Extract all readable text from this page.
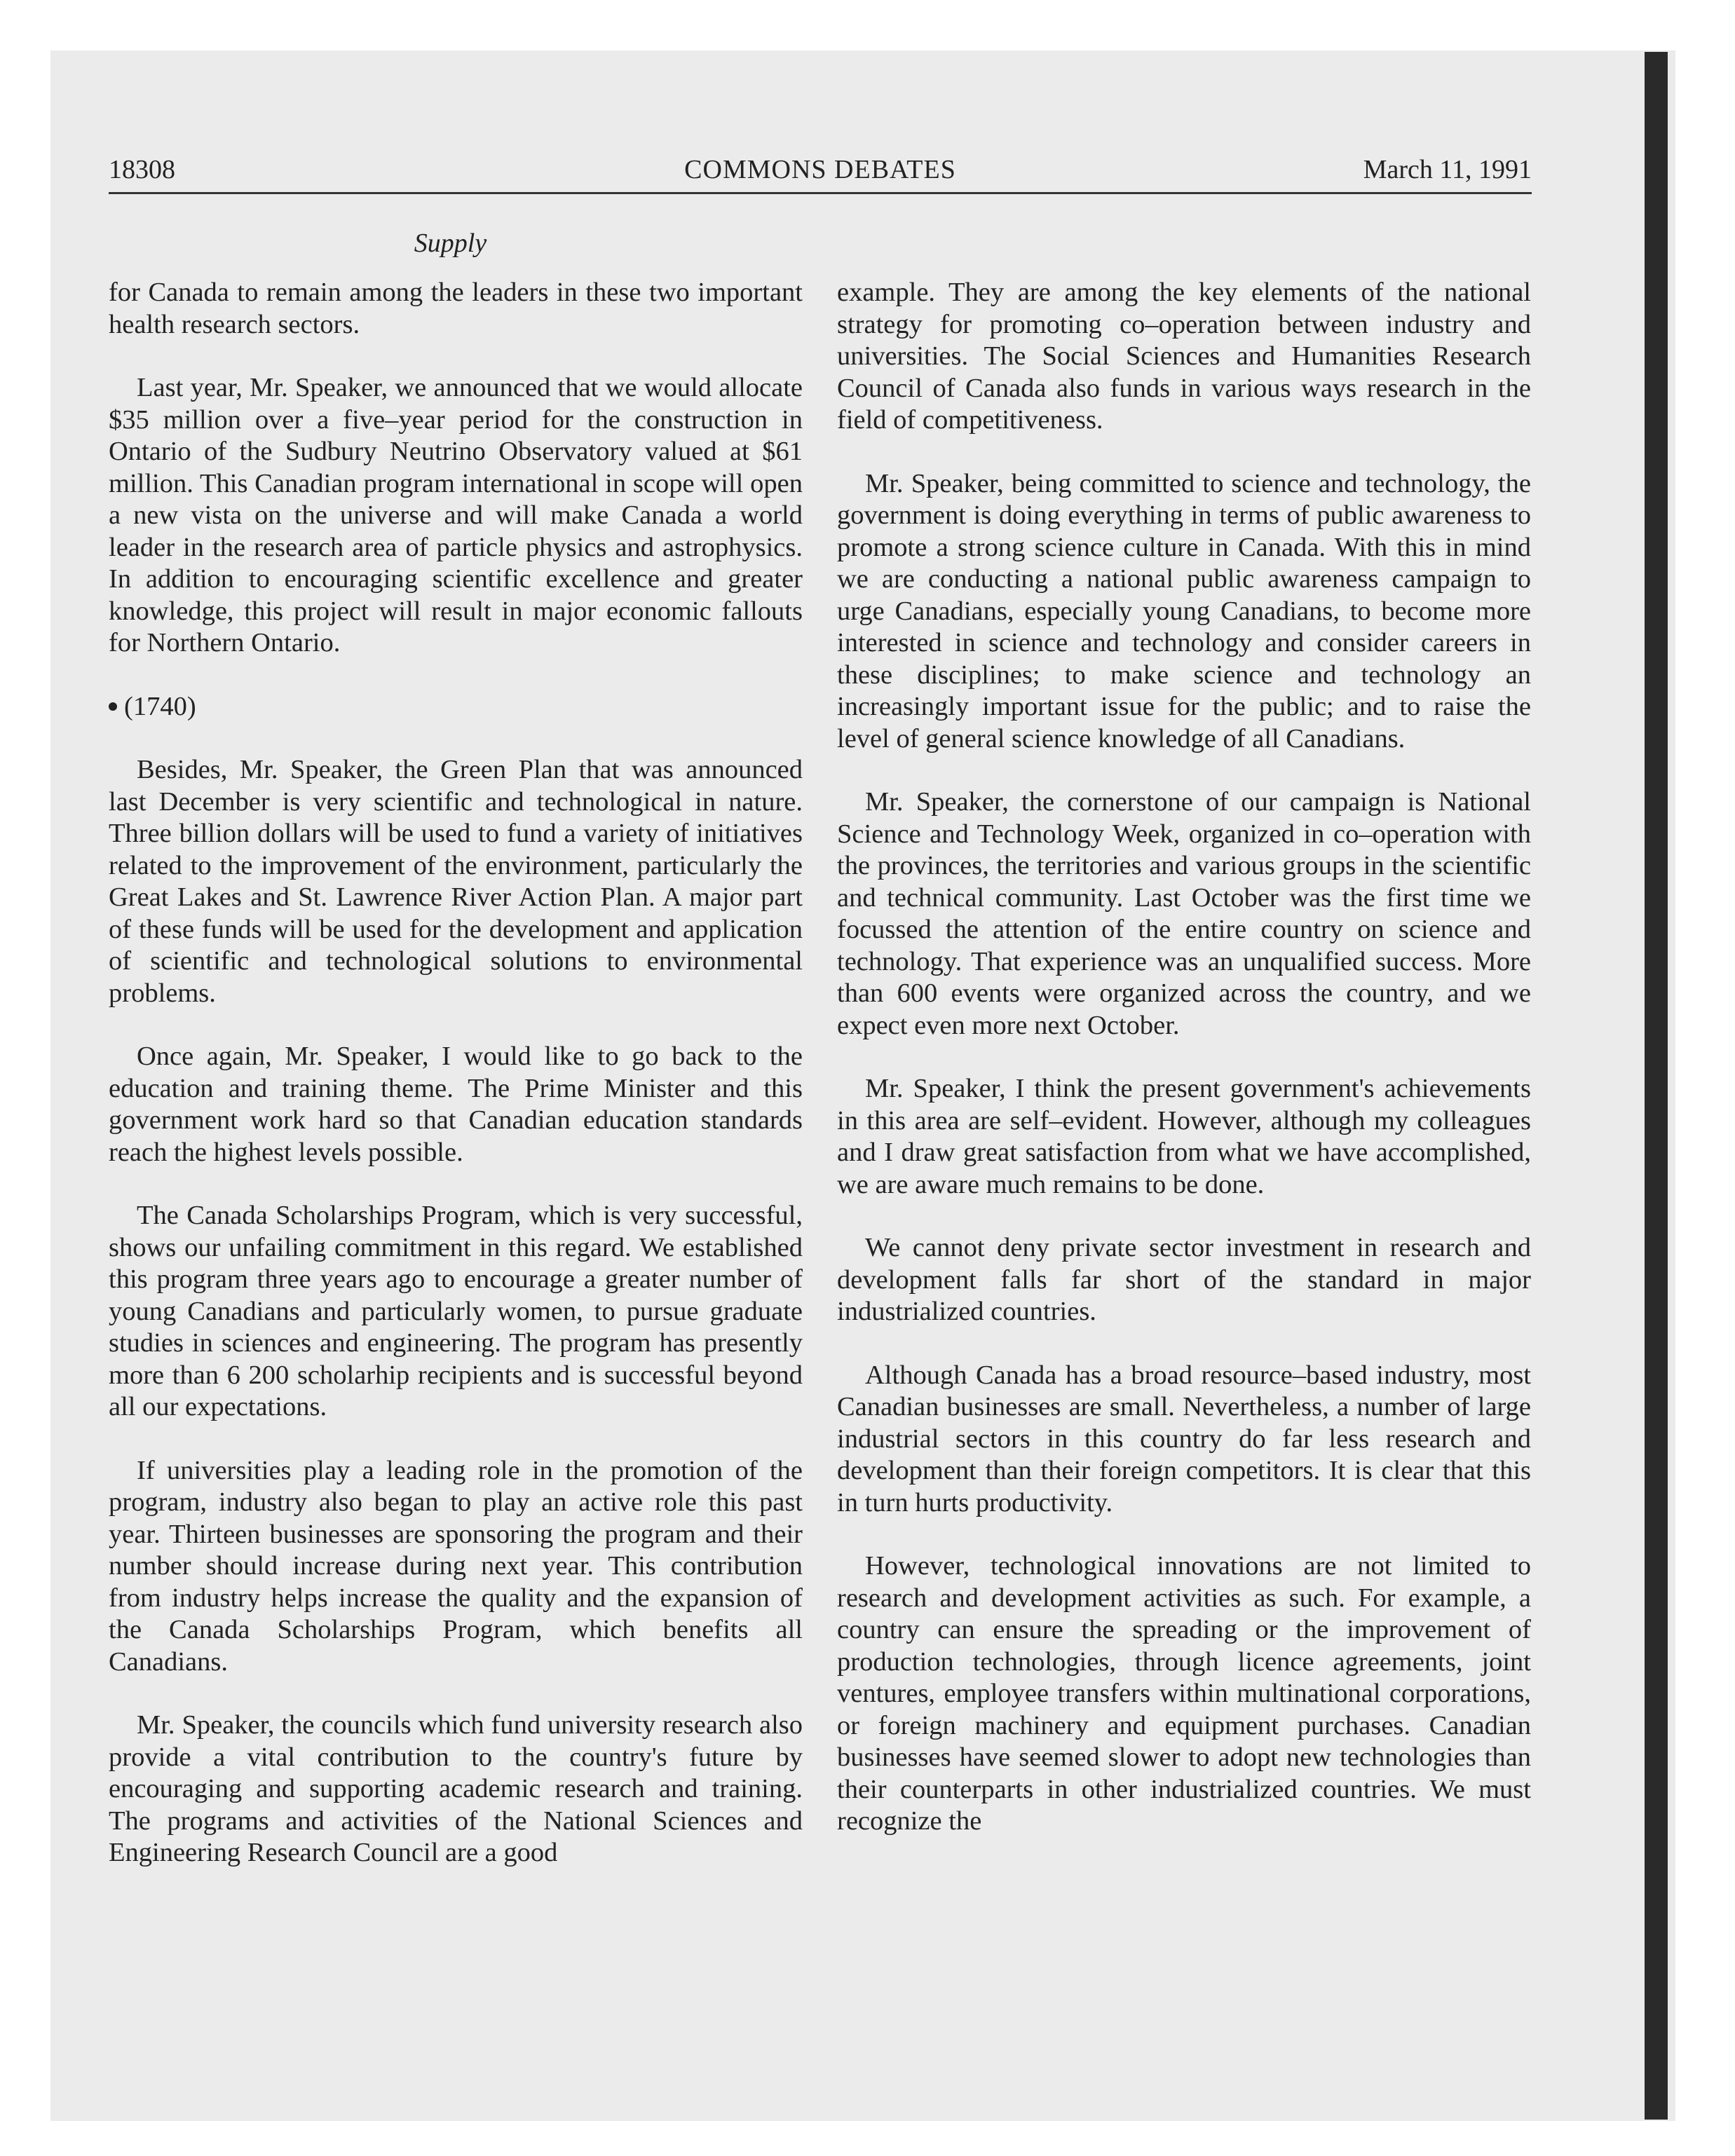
18308	COMMONS DEBATES	March 11, 1991
Supply

for Canada to remain among the leaders in these two important health research sectors.

Last year, Mr. Speaker, we announced that we would allocate $35 million over a five–year period for the construction in Ontario of the Sudbury Neutrino Observatory valued at $61 million. This Canadian program international in scope will open a new vista on the universe and will make Canada a world leader in the research area of particle physics and astrophysics. In addition to encouraging scientific excellence and greater knowledge, this project will result in major economic fallouts for Northern Ontario.

(1740)

Besides, Mr. Speaker, the Green Plan that was announced last December is very scientific and technological in nature. Three billion dollars will be used to fund a variety of initiatives related to the improvement of the environment, particularly the Great Lakes and St. Lawrence River Action Plan. A major part of these funds will be used for the development and application of scientific and technological solutions to environmental problems.

Once again, Mr. Speaker, I would like to go back to the education and training theme. The Prime Minister and this government work hard so that Canadian education standards reach the highest levels possible.

The Canada Scholarships Program, which is very successful, shows our unfailing commitment in this regard. We established this program three years ago to encourage a greater number of young Canadians and particularly women, to pursue graduate studies in sciences and engineering. The program has presently more than 6 200 scholarhip recipients and is successful beyond all our expectations.

If universities play a leading role in the promotion of the program, industry also began to play an active role this past year. Thirteen businesses are sponsoring the program and their number should increase during next year. This contribution from industry helps increase the quality and the expansion of the Canada Scholarships Program, which benefits all Canadians.

Mr. Speaker, the councils which fund university research also provide a vital contribution to the country's future by encouraging and supporting academic research and training. The programs and activities of the National Sciences and Engineering Research Council are a good

example. They are among the key elements of the national strategy for promoting co–operation between industry and universities. The Social Sciences and Humanities Research Council of Canada also funds in various ways research in the field of competitiveness.

Mr. Speaker, being committed to science and technology, the government is doing everything in terms of public awareness to promote a strong science culture in Canada. With this in mind we are conducting a national public awareness campaign to urge Canadians, especially young Canadians, to become more interested in science and technology and consider careers in these disciplines; to make science and technology an increasingly important issue for the public; and to raise the level of general science knowledge of all Canadians.

Mr. Speaker, the cornerstone of our campaign is National Science and Technology Week, organized in co–operation with the provinces, the territories and various groups in the scientific and technical community. Last October was the first time we focussed the attention of the entire country on science and technology. That experience was an unqualified success. More than 600 events were organized across the country, and we expect even more next October.

Mr. Speaker, I think the present government's achievements in this area are self–evident. However, although my colleagues and I draw great satisfaction from what we have accomplished, we are aware much remains to be done.

We cannot deny private sector investment in research and development falls far short of the standard in major industrialized countries.

Although Canada has a broad resource–based industry, most Canadian businesses are small. Nevertheless, a number of large industrial sectors in this country do far less research and development than their foreign competitors. It is clear that this in turn hurts productivity.

However, technological innovations are not limited to research and development activities as such. For example, a country can ensure the spreading or the improvement of production technologies, through licence agreements, joint ventures, employee transfers within multinational corporations, or foreign machinery and equipment purchases. Canadian businesses have seemed slower to adopt new technologies than their counterparts in other industrialized countries. We must recognize the
